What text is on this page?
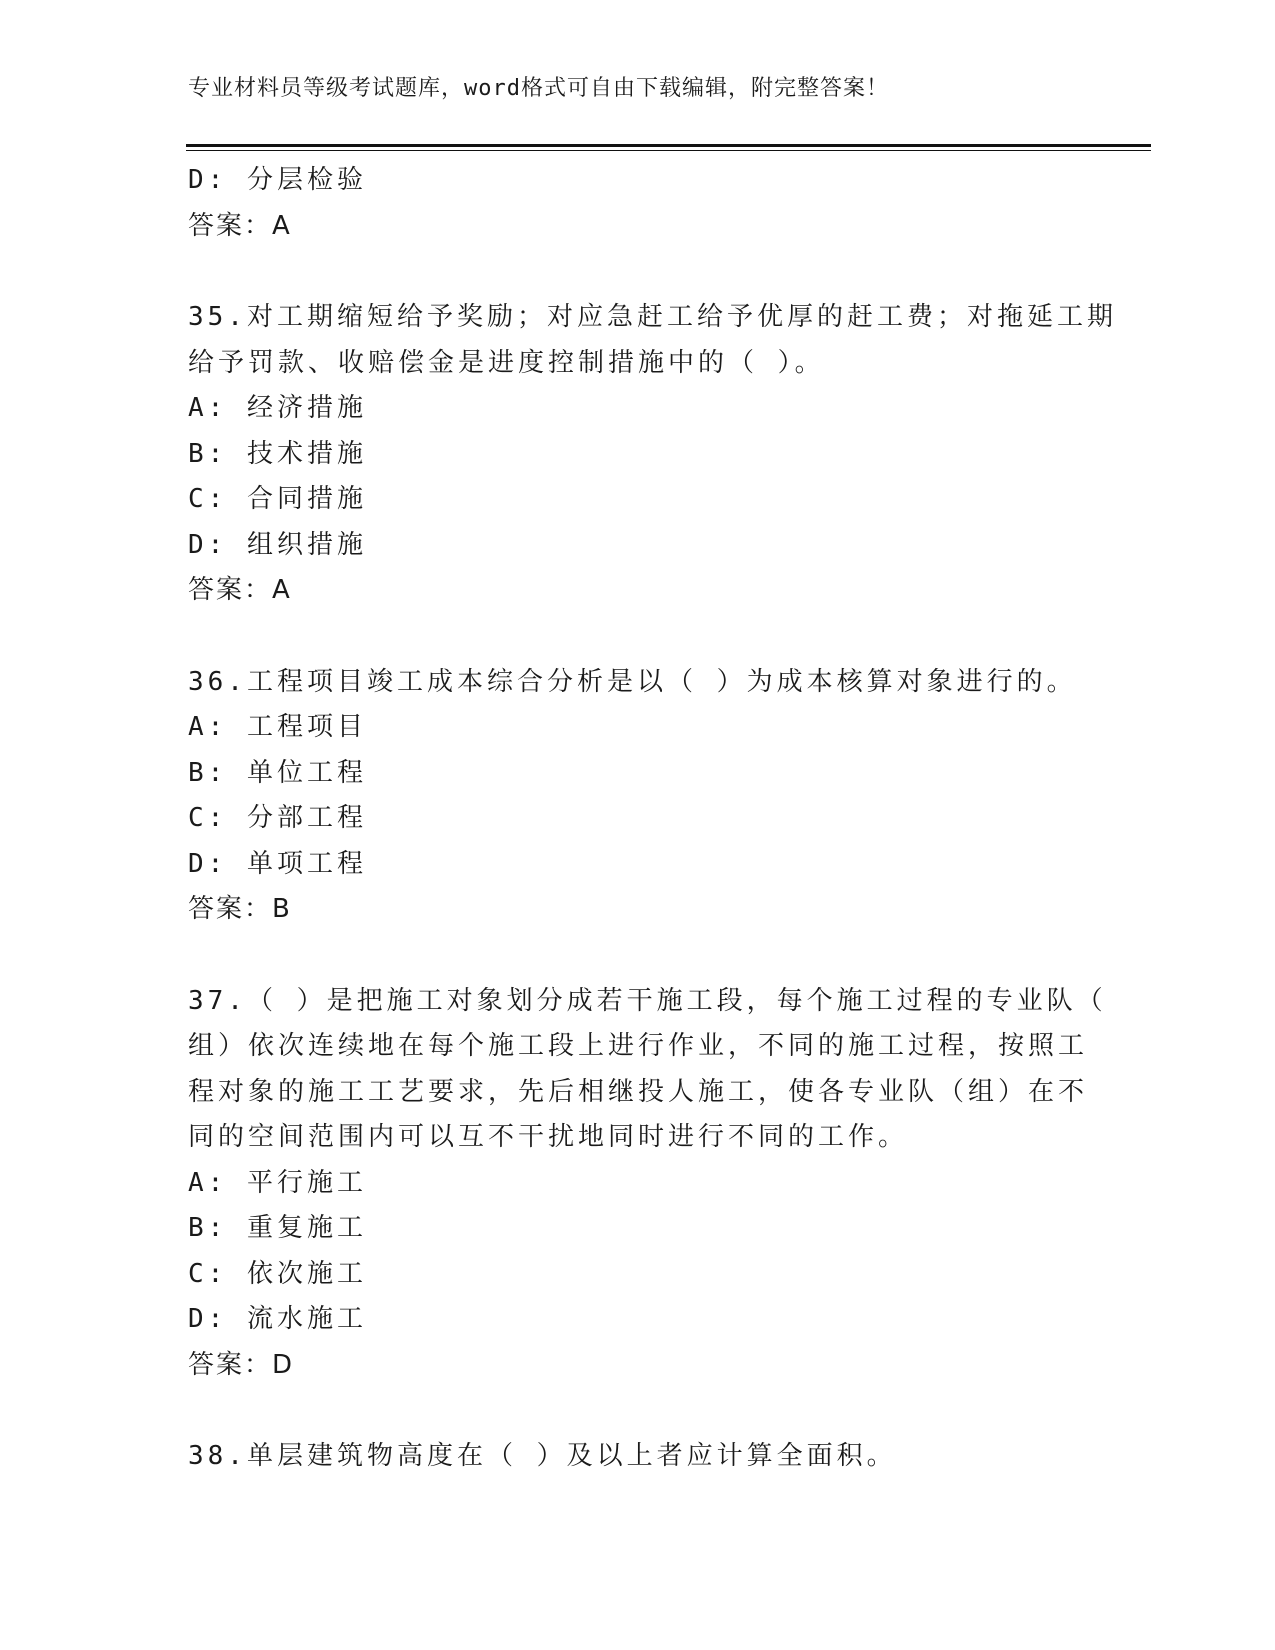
专业材料员等级考试题库，word格式可自由下载编辑，附完整答案！
D: 分层检验
答案：A
35.对工期缩短给予奖励；对应急赶工给予优厚的赶工费；对拖延工期
给予罚款、收赔偿金是进度控制措施中的（ ）。
A: 经济措施
B: 技术措施
C: 合同措施
D: 组织措施
答案：A
36.工程项目竣工成本综合分析是以（ ）为成本核算对象进行的。
A: 工程项目
B: 单位工程
C: 分部工程
D: 单项工程
答案：B
37.（ ）是把施工对象划分成若干施工段，每个施工过程的专业队（
组）依次连续地在每个施工段上进行作业，不同的施工过程，按照工
程对象的施工工艺要求，先后相继投人施工，使各专业队（组）在不
同的空间范围内可以互不干扰地同时进行不同的工作。
A: 平行施工
B: 重复施工
C: 依次施工
D: 流水施工
答案：D
38.单层建筑物高度在（ ）及以上者应计算全面积。
